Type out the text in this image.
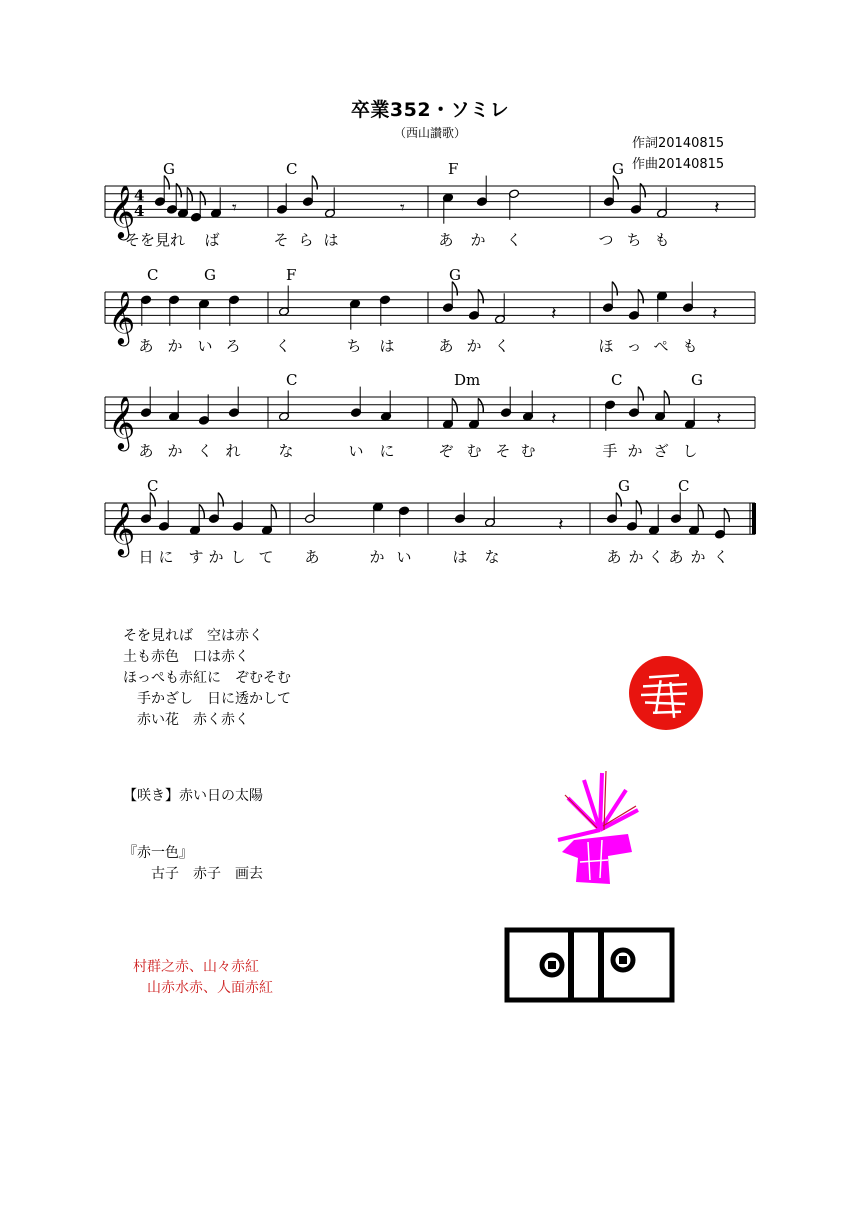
卒業352・ソミレ
（西山讃歌）
作詞20140815
作曲20140815
𝄞
4
4
𝄞
𝄞
𝄞
𝄾	𝄾	𝄽
𝄽	𝄽
𝄽	𝄽
𝄽
G	C	F	G
C	G	F	G
C	Dm	C	G
C	G	C
そを見れ ば	そ ら は	あ か く	つ ち も
あ か い ろ く	ち は	あ か く	ほ っ ぺ も
あ か く れ	な	い に	ぞ む そ む	手 か ざ し
日 に す か し て あ	か い	は な	あ か く あ か く
そを見れば　空は赤く
土も赤色　口は赤く
ほっぺも赤紅に　ぞむそむ
　手かざし　日に透かして
　赤い花　赤く赤く
【咲き】赤い日の太陽
『赤一色』
　　古子　赤子　画去
村群之赤、山々赤紅
　山赤水赤、人面赤紅
